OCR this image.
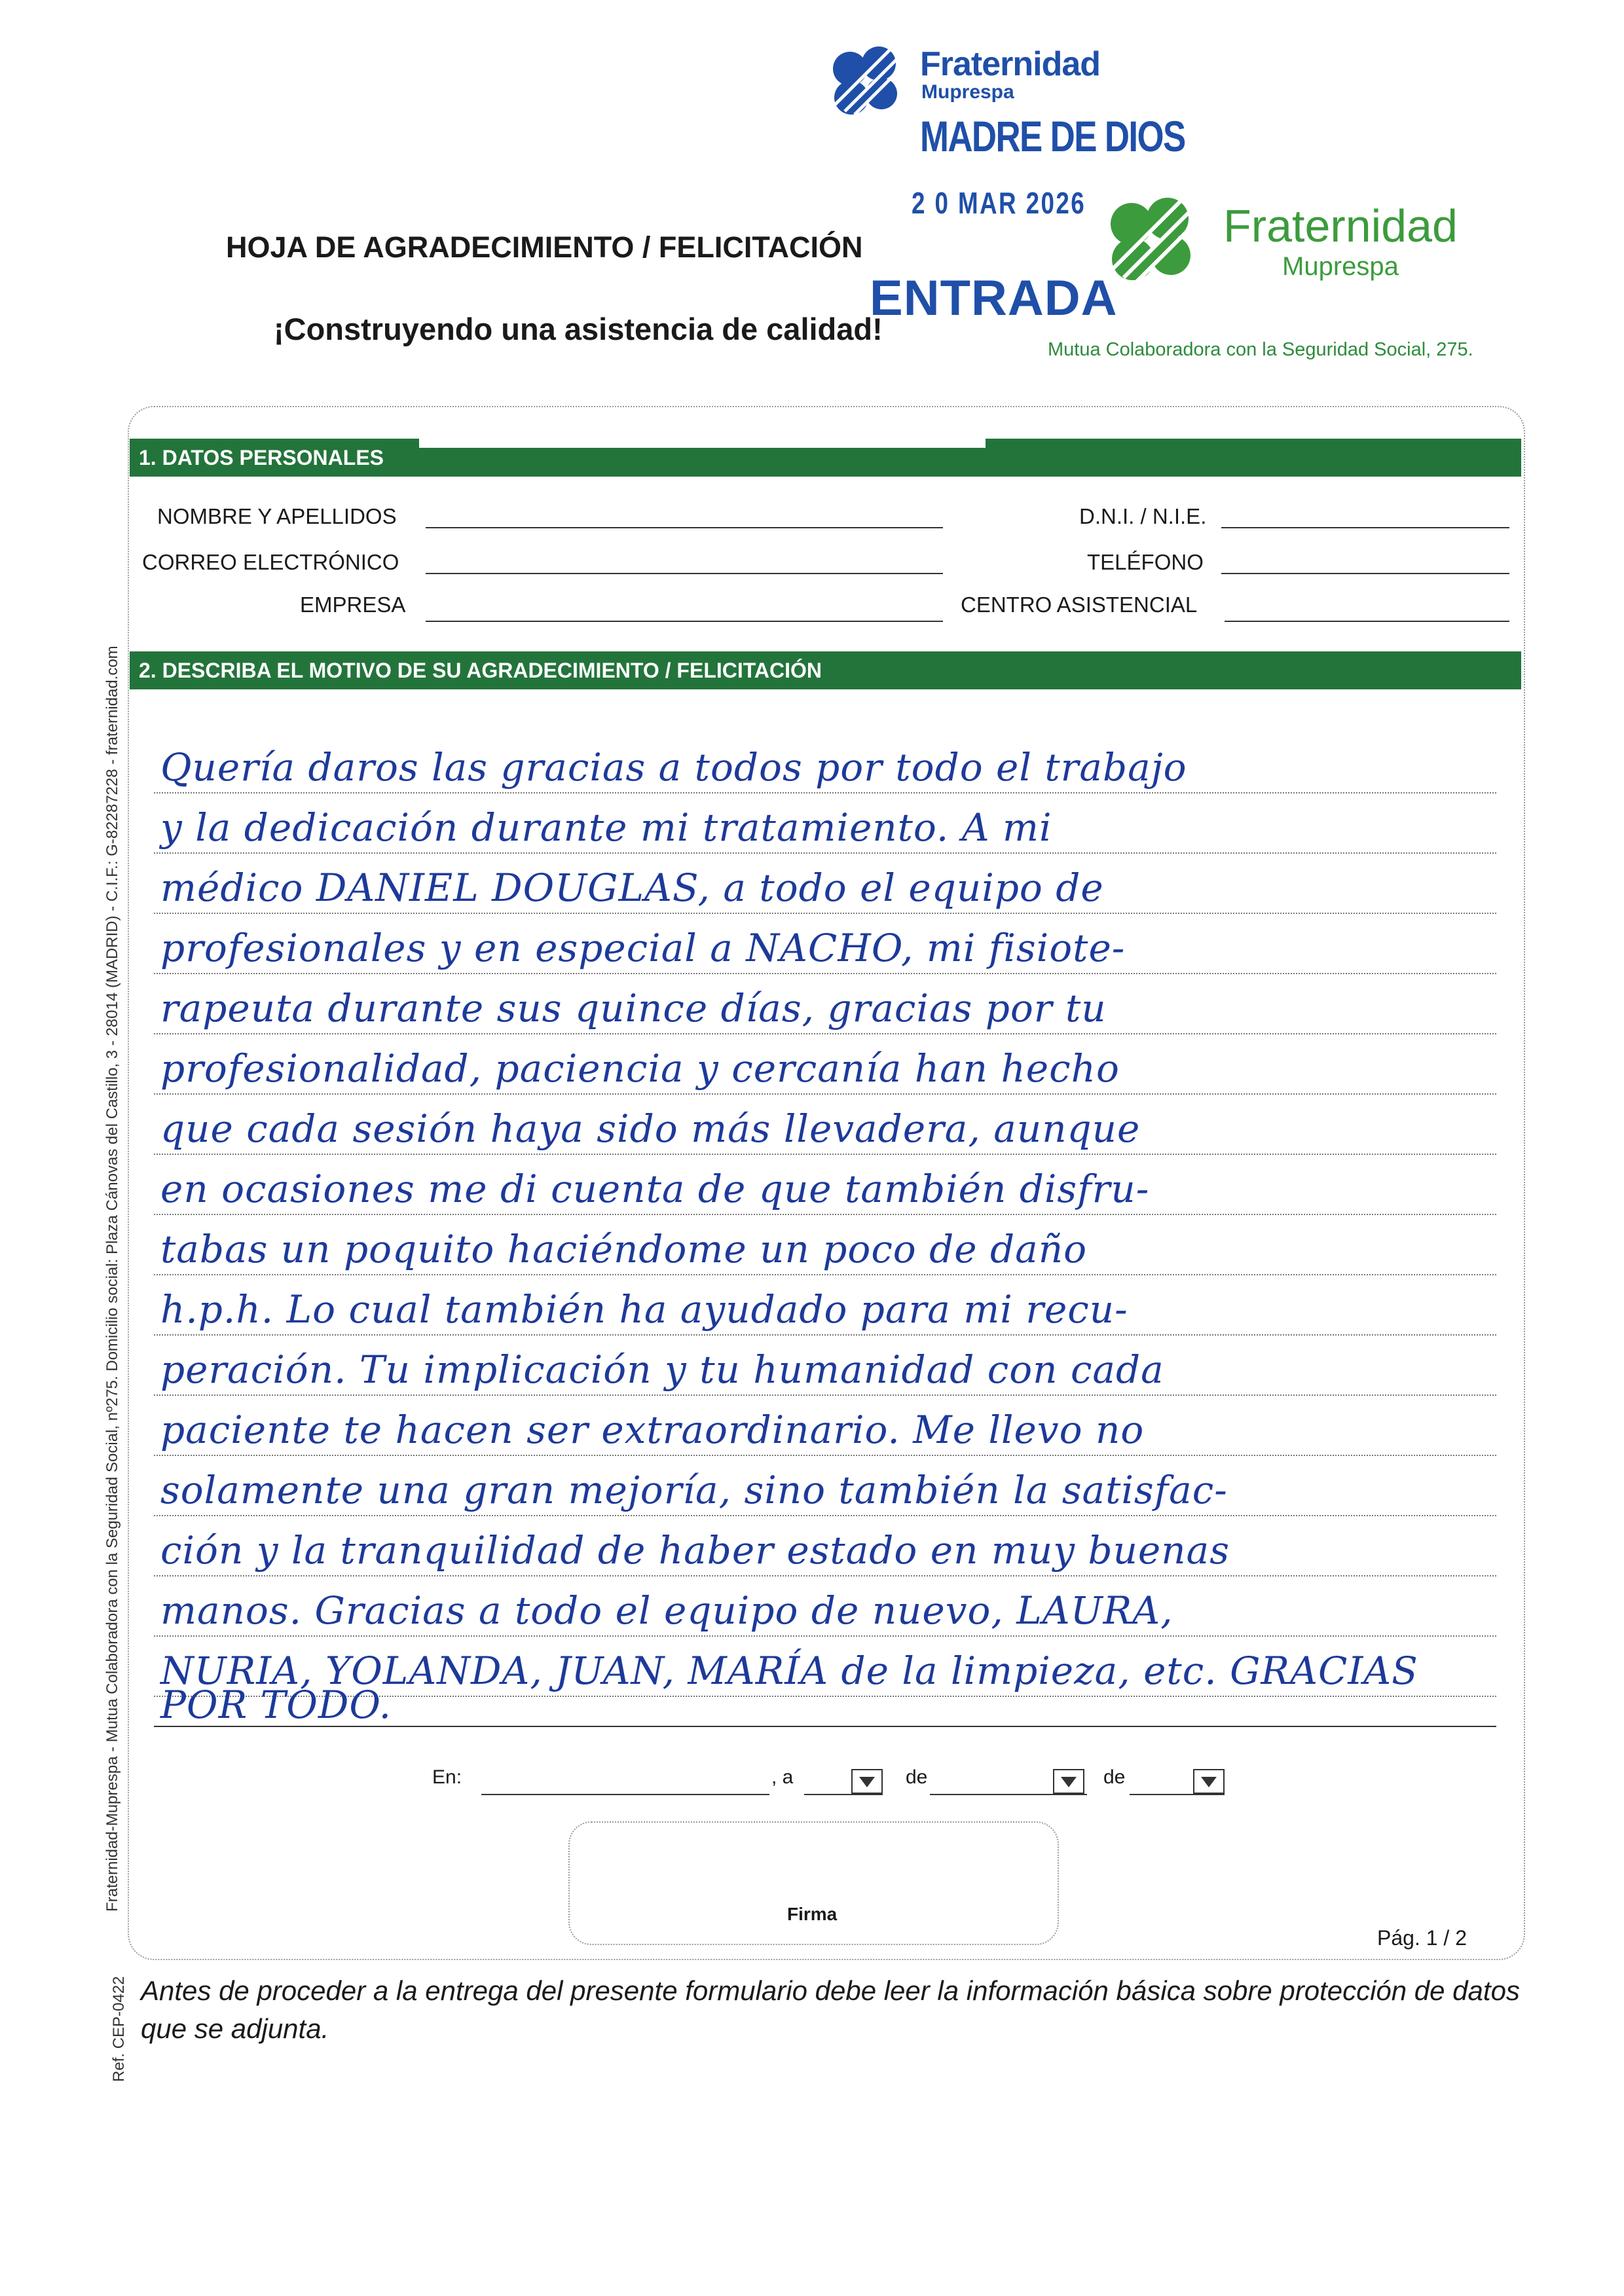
Fraternidad
Muprespa
MADRE DE DIOS
2 0 MAR 2026
ENTRADA
HOJA DE AGRADECIMIENTO / FELICITACIÓN
¡Construyendo una asistencia de calidad!
Fraternidad
Muprespa
Mutua Colaboradora con la Seguridad Social, 275.
Fraternidad-Muprespa - Mutua Colaboradora con la Seguridad Social, nº275. Domicilio social: Plaza Cánovas del Castillo, 3 - 28014 (MADRID) - C.I.F.: G-82287228 - fraternidad.com
Ref. CEP-0422
1. DATOS PERSONALES
NOMBRE Y APELLIDOS	D.N.I. / N.I.E.
CORREO ELECTRÓNICO	TELÉFONO
EMPRESA	CENTRO ASISTENCIAL
2. DESCRIBA EL MOTIVO DE SU AGRADECIMIENTO / FELICITACIÓN
Quería daros las gracias a todos por todo el trabajo
y la dedicación durante mi tratamiento. A mi
médico DANIEL DOUGLAS, a todo el equipo de
profesionales y en especial a NACHO, mi fisiote-
rapeuta durante sus quince días, gracias por tu
profesionalidad, paciencia y cercanía han hecho
que cada sesión haya sido más llevadera, aunque
en ocasiones me di cuenta de que también disfru-
tabas un poquito haciéndome un poco de daño
h.p.h. Lo cual también ha ayudado para mi recu-
peración. Tu implicación y tu humanidad con cada
paciente te hacen ser extraordinario. Me llevo no
solamente una gran mejoría, sino también la satisfac-
ción y la tranquilidad de haber estado en muy buenas
manos. Gracias a todo el equipo de nuevo, LAURA,
NURIA, YOLANDA, JUAN, MARÍA de la limpieza, etc. GRACIAS
POR TODO.
En:	, a	de	de
Firma
Pág. 1 / 2
Antes de proceder a la entrega del presente formulario debe leer la información básica sobre protección de datos que se adjunta.
